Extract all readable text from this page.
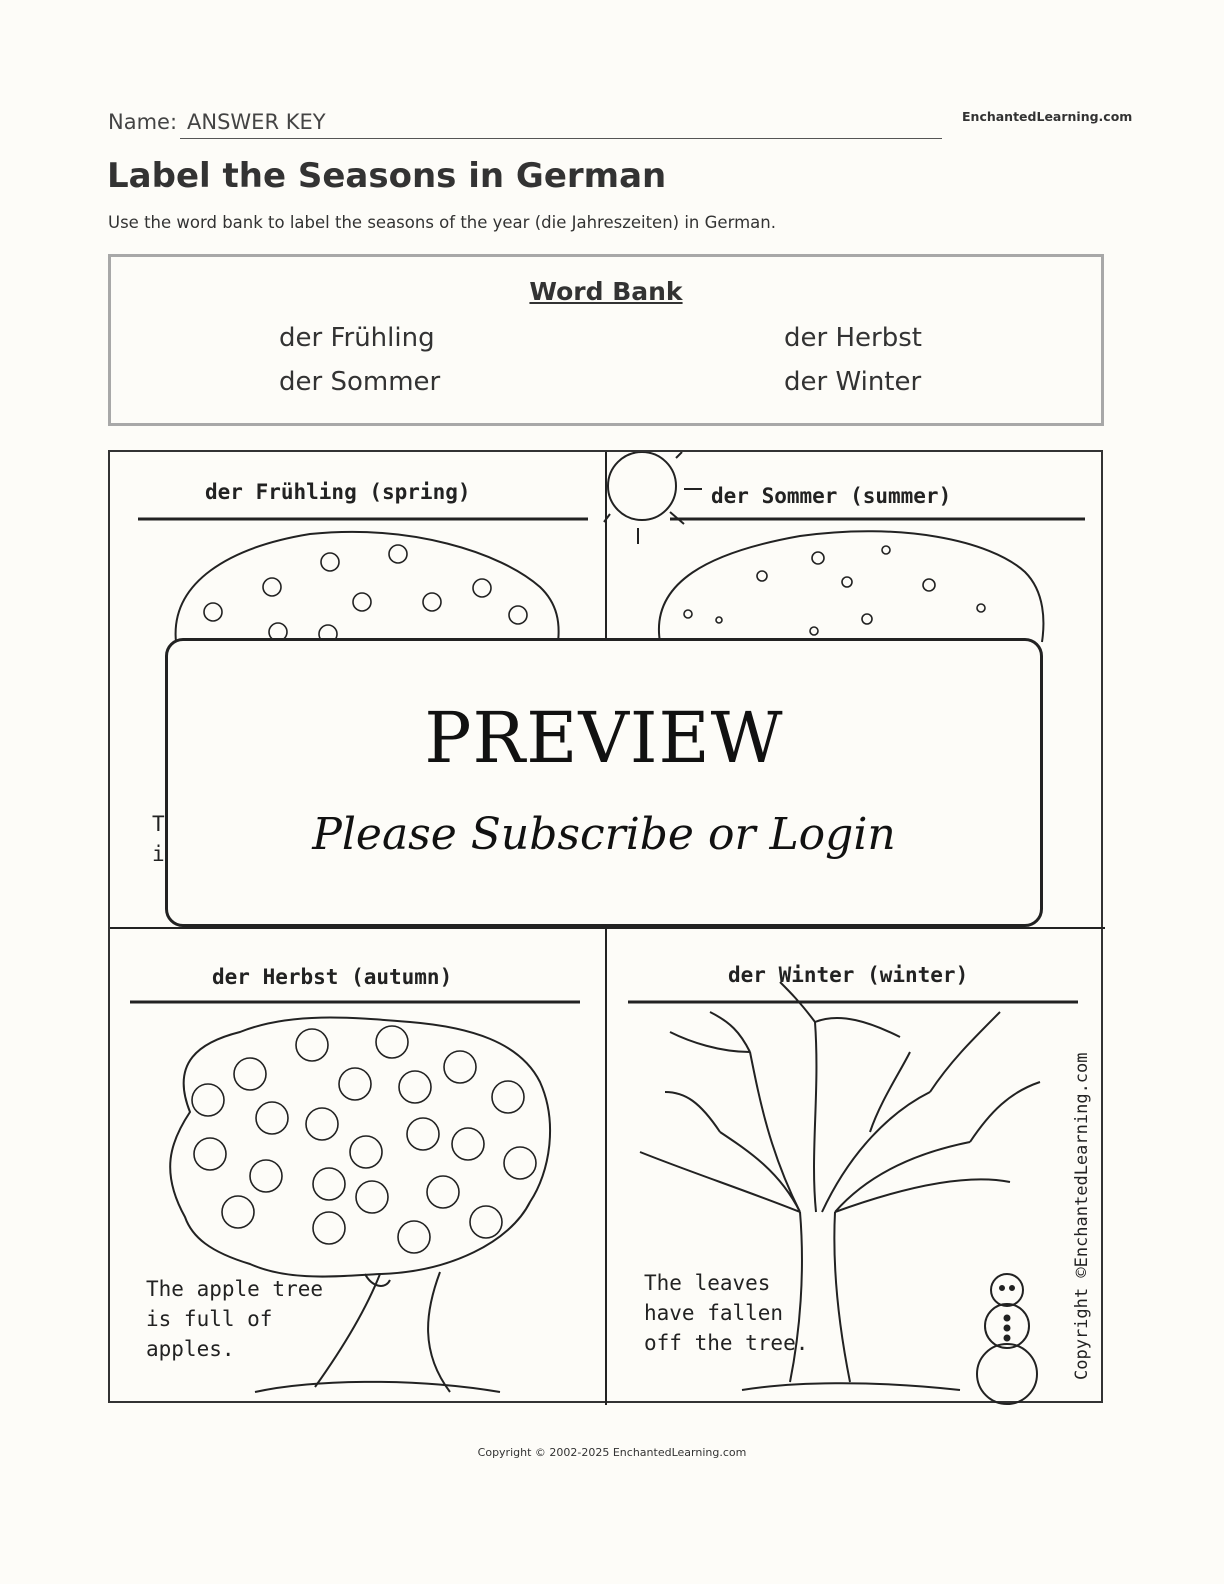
Name: ANSWER KEY	EnchantedLearning.com
Label the Seasons in German
Use the word bank to label the seasons of the year (die Jahreszeiten) in German.
Word Bank
der Frühling	der Herbst
der Sommer	der Winter
der Frühling (spring)	der Sommer (summer)
der Herbst (autumn)	der Winter (winter)
T
i
The apple tree
is full of
apples.
The leaves
have fallen
off the tree.	Copyright ©EnchantedLearning.com
PREVIEW
Please Subscribe or Login
Copyright © 2002-2025 EnchantedLearning.com
